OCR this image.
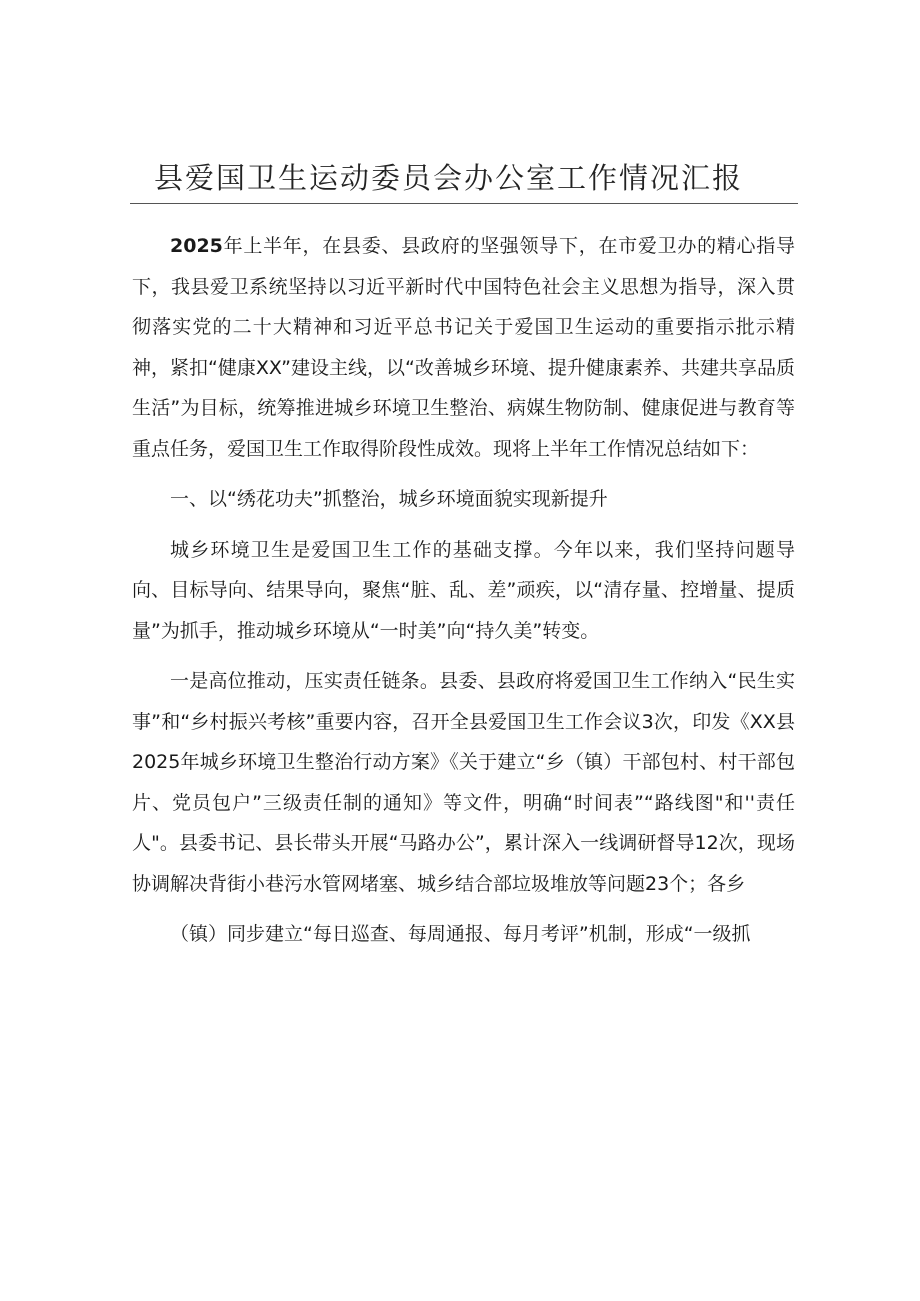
县爱国卫生运动委员会办公室工作情况汇报

2025年上半年，在县委、县政府的坚强领导下，在市爱卫办的精心指导下，我县爱卫系统坚持以习近平新时代中国特色社会主义思想为指导，深入贯彻落实党的二十大精神和习近平总书记关于爱国卫生运动的重要指示批示精神，紧扣“健康XX”建设主线，以“改善城乡环境、提升健康素养、共建共享品质生活”为目标，统筹推进城乡环境卫生整治、病媒生物防制、健康促进与教育等重点任务，爱国卫生工作取得阶段性成效。现将上半年工作情况总结如下：

一、以“绣花功夫”抓整治，城乡环境面貌实现新提升

城乡环境卫生是爱国卫生工作的基础支撑。今年以来，我们坚持问题导向、目标导向、结果导向，聚焦“脏、乱、差”顽疾，以“清存量、控增量、提质量”为抓手，推动城乡环境从“一时美”向“持久美”转变。

一是高位推动，压实责任链条。县委、县政府将爱国卫生工作纳入“民生实事”和“乡村振兴考核”重要内容，召开全县爱国卫生工作会议3次，印发《XX县2025年城乡环境卫生整治行动方案》《关于建立“乡（镇）干部包村、村干部包片、党员包户”三级责任制的通知》等文件，明确“时间表”“路线图"和''责任人"。县委书记、县长带头开展“马路办公”，累计深入一线调研督导12次，现场协调解决背街小巷污水管网堵塞、城乡结合部垃圾堆放等问题23个；各乡

（镇）同步建立“每日巡查、每周通报、每月考评”机制，形成“一级抓
